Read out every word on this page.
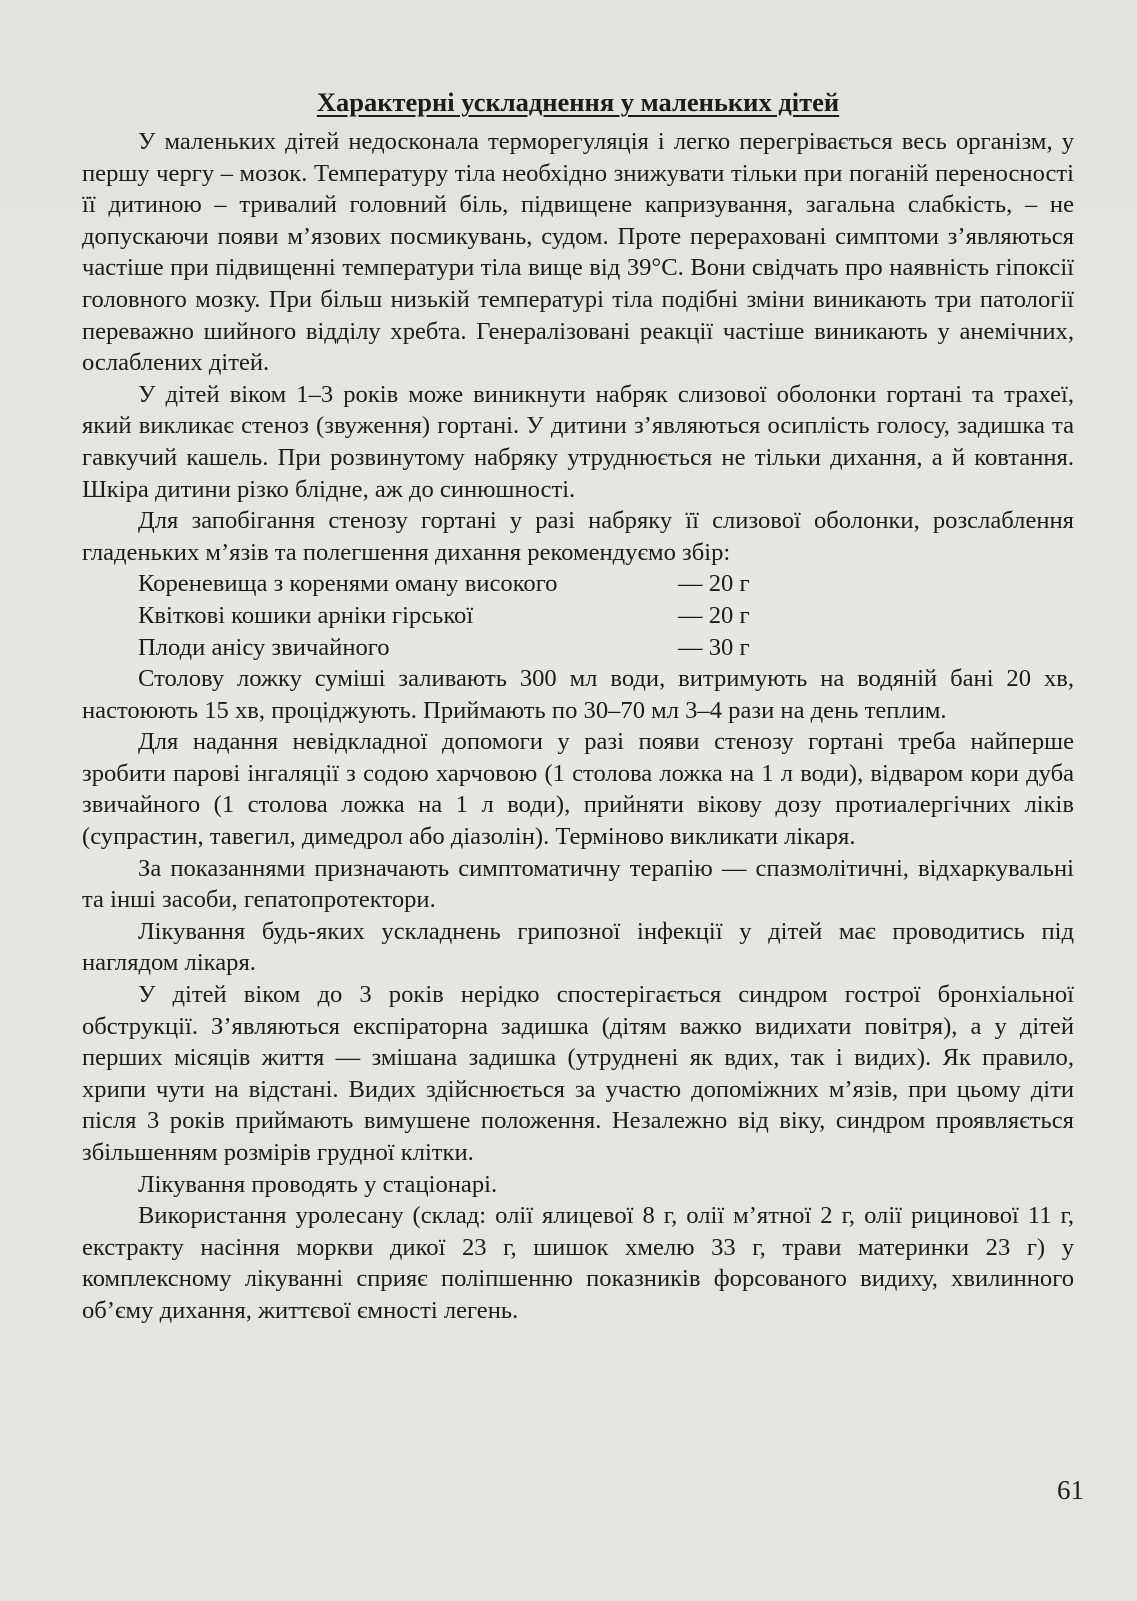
Характерні ускладнення у маленьких дітей

У маленьких дітей недосконала терморегуляція і легко перегрівається весь організм, у першу чергу – мозок. Температуру тіла необхідно знижувати тільки при поганій переносності її дитиною – тривалий головний біль, підвищене капризування, загальна слабкість, – не допускаючи появи м’язових посмикувань, судом. Проте перераховані симптоми з’являються частіше при підвищенні температури тіла вище від 39°С. Вони свідчать про наявність гіпоксії головного мозку. При більш низькій температурі тіла подібні зміни виникають три патології переважно шийного відділу хребта. Генералізовані реакції частіше виникають у анемічних, ослаблених дітей.

У дітей віком 1–3 років може виникнути набряк слизової оболонки гортані та трахеї, який викликає стеноз (звуження) гортані. У дитини з’являються осиплість голосу, задишка та гавкучий кашель. При розвинутому набряку утруднюється не тільки дихання, а й ковтання. Шкіра дитини різко блідне, аж до синюшності.

Для запобігання стенозу гортані у разі набряку її слизової оболонки, розслаблення гладеньких м’язів та полегшення дихання рекомендуємо збір:

Кореневища з коренями оману високого	— 20 г
Квіткові кошики арніки гірської	— 20 г
Плоди анісу звичайного	— 30 г

Столову ложку суміші заливають 300 мл води, витримують на водяній бані 20 хв, настоюють 15 хв, проціджують. Приймають по 30–70 мл 3–4 рази на день теплим.

Для надання невідкладної допомоги у разі появи стенозу гортані треба найперше зробити парові інгаляції з содою харчовою (1 столова ложка на 1 л води), відваром кори дуба звичайного (1 столова ложка на 1 л води), прийняти вікову дозу протиалергічних ліків (супрастин, тавегил, димедрол або діазолін). Терміново викликати лікаря.

За показаннями призначають симптоматичну терапію — спазмолітичні, відхаркувальні та інші засоби, гепатопротектори.

Лікування будь-яких ускладнень грипозної інфекції у дітей має проводитись під наглядом лікаря.

У дітей віком до 3 років нерідко спостерігається синдром гострої бронхіальної обструкції. З’являються експіраторна задишка (дітям важко видихати повітря), а у дітей перших місяців життя — змішана задишка (утруднені як вдих, так і видих). Як правило, хрипи чути на відстані. Видих здійснюється за участю допоміжних м’язів, при цьому діти після 3 років приймають вимушене положення. Незалежно від віку, синдром проявляється збільшенням розмірів грудної клітки.

Лікування проводять у стаціонарі.

Використання уролесану (склад: олії ялицевої 8 г, олії м’ятної 2 г, олії рицинової 11 г, екстракту насіння моркви дикої 23 г, шишок хмелю 33 г, трави материнки 23 г) у комплексному лікуванні сприяє поліпшенню показників форсованого видиху, хвилинного об’єму дихання, життєвої ємності легень.

61
